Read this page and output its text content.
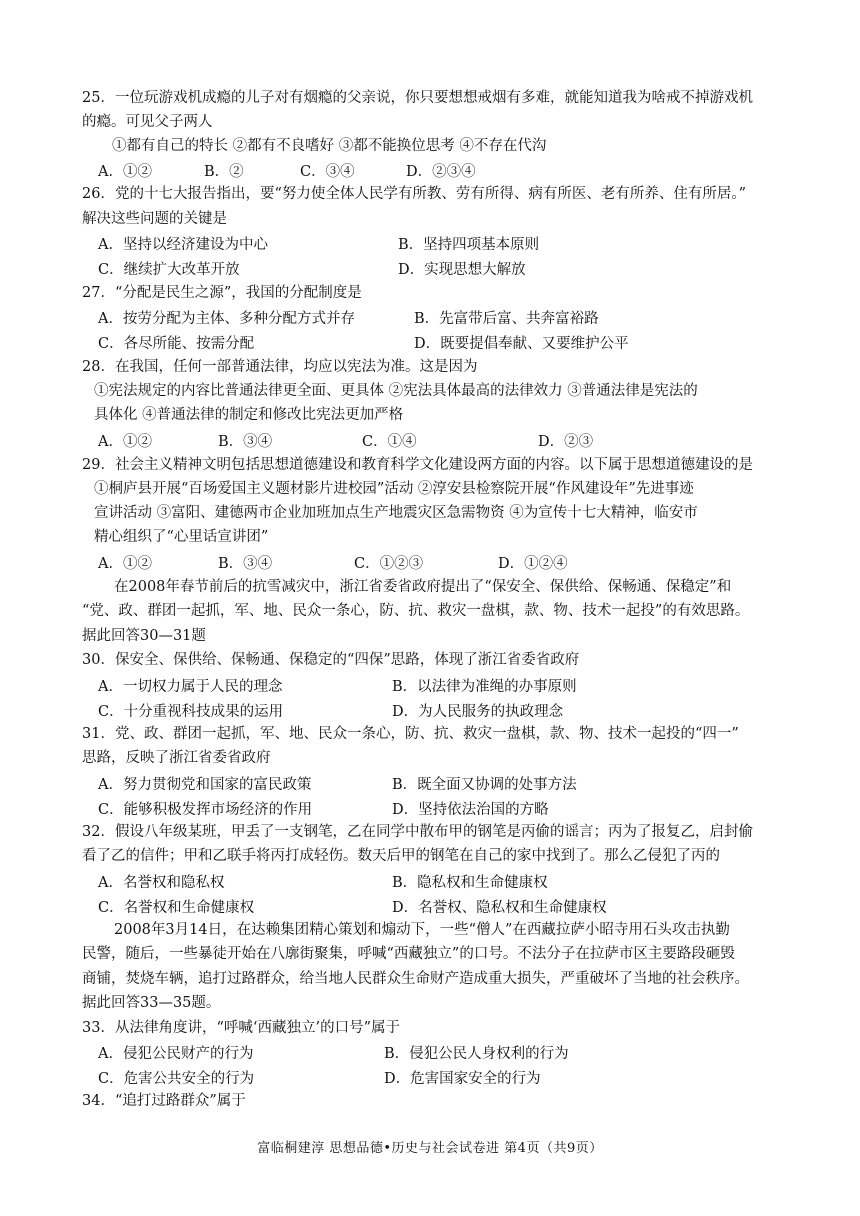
25．一位玩游戏机成瘾的儿子对有烟瘾的父亲说，你只要想想戒烟有多难，就能知道我为啥戒不掉游戏机
的瘾。可见父子两人
①都有自己的特长 ②都有不良嗜好 ③都不能换位思考 ④不存在代沟
A．①②	B．②	C．③④	D．②③④
26．党的十七大报告指出，要“努力使全体人民学有所教、劳有所得、病有所医、老有所养、住有所居。”
解决这些问题的关键是
A．坚持以经济建设为中心	B．坚持四项基本原则
C．继续扩大改革开放	D．实现思想大解放
27．“分配是民生之源”，我国的分配制度是
A．按劳分配为主体、多种分配方式并存	B．先富带后富、共奔富裕路
C．各尽所能、按需分配	D．既要提倡奉献、又要维护公平
28．在我国，任何一部普通法律，均应以宪法为准。这是因为
①宪法规定的内容比普通法律更全面、更具体 ②宪法具体最高的法律效力 ③普通法律是宪法的
具体化 ④普通法律的制定和修改比宪法更加严格
A．①②	B．③④	C．①④	D．②③
29．社会主义精神文明包括思想道德建设和教育科学文化建设两方面的内容。以下属于思想道德建设的是
①桐庐县开展“百场爱国主义题材影片进校园”活动 ②淳安县检察院开展“作风建设年”先进事迹
宣讲活动 ③富阳、建德两市企业加班加点生产地震灾区急需物资 ④为宣传十七大精神，临安市
精心组织了“心里话宣讲团”
A．①②	B．③④	C．①②③	D．①②④
在2008年春节前后的抗雪减灾中，浙江省委省政府提出了“保安全、保供给、保畅通、保稳定”和
“党、政、群团一起抓，军、地、民众一条心，防、抗、救灾一盘棋，款、物、技术一起投”的有效思路。
据此回答30—31题
30．保安全、保供给、保畅通、保稳定的“四保”思路，体现了浙江省委省政府
A．一切权力属于人民的理念	B．以法律为准绳的办事原则
C．十分重视科技成果的运用	D．为人民服务的执政理念
31．党、政、群团一起抓，军、地、民众一条心，防、抗、救灾一盘棋，款、物、技术一起投的“四一”
思路，反映了浙江省委省政府
A．努力贯彻党和国家的富民政策	B．既全面又协调的处事方法
C．能够积极发挥市场经济的作用	D．坚持依法治国的方略
32．假设八年级某班，甲丢了一支钢笔，乙在同学中散布甲的钢笔是丙偷的谣言；丙为了报复乙，启封偷
看了乙的信件；甲和乙联手将丙打成轻伤。数天后甲的钢笔在自己的家中找到了。那么乙侵犯了丙的
A．名誉权和隐私权	B．隐私权和生命健康权
C．名誉权和生命健康权	D．名誉权、隐私权和生命健康权
2008年3月14日，在达赖集团精心策划和煽动下，一些“僧人”在西藏拉萨小昭寺用石头攻击执勤
民警，随后，一些暴徒开始在八廓街聚集，呼喊“西藏独立”的口号。不法分子在拉萨市区主要路段砸毁
商铺，焚烧车辆，追打过路群众，给当地人民群众生命财产造成重大损失，严重破坏了当地的社会秩序。
据此回答33—35题。
33．从法律角度讲，“呼喊‘西藏独立’的口号”属于
A．侵犯公民财产的行为	B．侵犯公民人身权利的行为
C．危害公共安全的行为	D．危害国家安全的行为
34．“追打过路群众”属于
富临桐建淳 思想品德•历史与社会试卷进 第4页（共9页）
